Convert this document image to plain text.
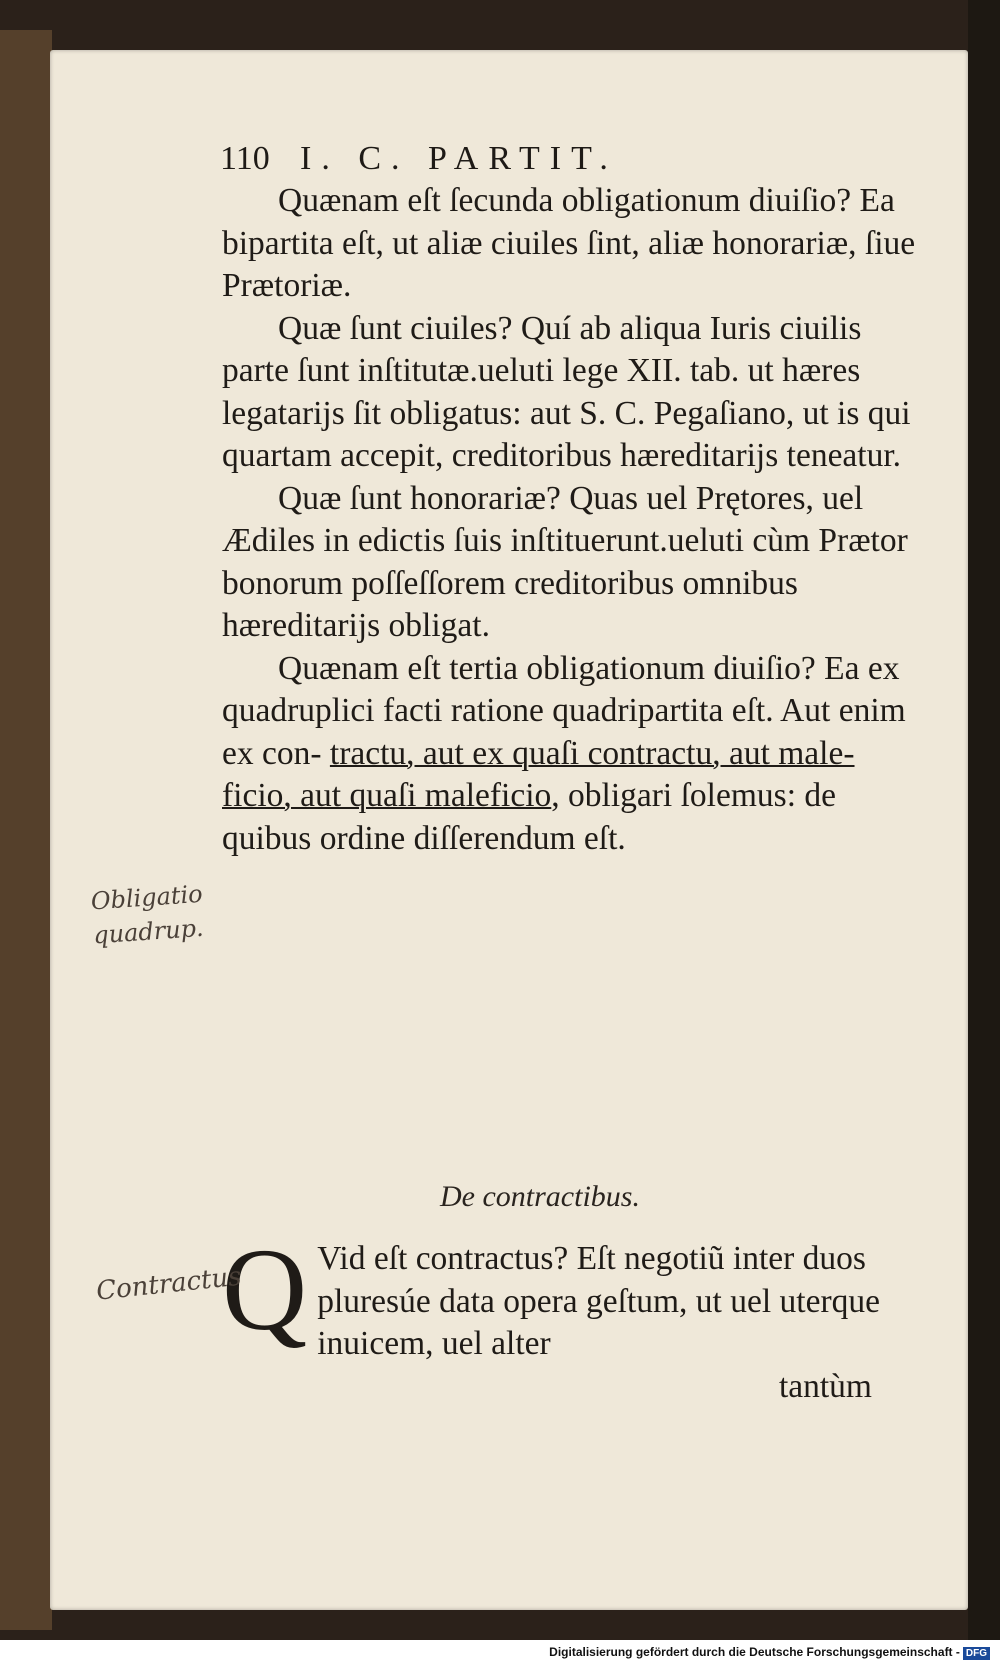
110 I. C. PARTIT.

Quænam eſt ſecunda obligationum diuiſio? Ea bipartita eſt, ut aliæ ciuiles ſint, aliæ honorariæ, ſiue Prætoriæ.

Quæ ſunt ciuiles? Quí ab aliqua Iuris ciuilis parte ſunt inſtitutæ.ueluti lege XII. tab. ut hæres legatarijs ſit obligatus: aut S. C. Pegaſiano, ut is qui quartam accepit, creditoribus hæreditarijs teneatur.

Quæ ſunt honorariæ? Quas uel Prętores, uel Ædiles in edictis ſuis inſtituerunt.ueluti cùm Prætor bonorum poſſeſſorem creditoribus omnibus hæreditarijs obligat.

Quænam eſt tertia obligationum diuiſio? Ea ex quadruplici facti ratione quadripartita eſt. Aut enim ex con- tractu, aut ex quaſi contractu, aut male- ficio, aut quaſi maleficio, obligari ſolemus: de quibus ordine diſſerendum eſt.

De contractibus.

Q Vid eſt contractus? Eſt negotiũ inter duos pluresúe data opera geſtum, ut uel uterque inuicem, uel alter

tantùm

Obligatio quadrup.
Contractus
Digitalisierung gefördert durch die Deutsche Forschungsgemeinschaft - DFG
